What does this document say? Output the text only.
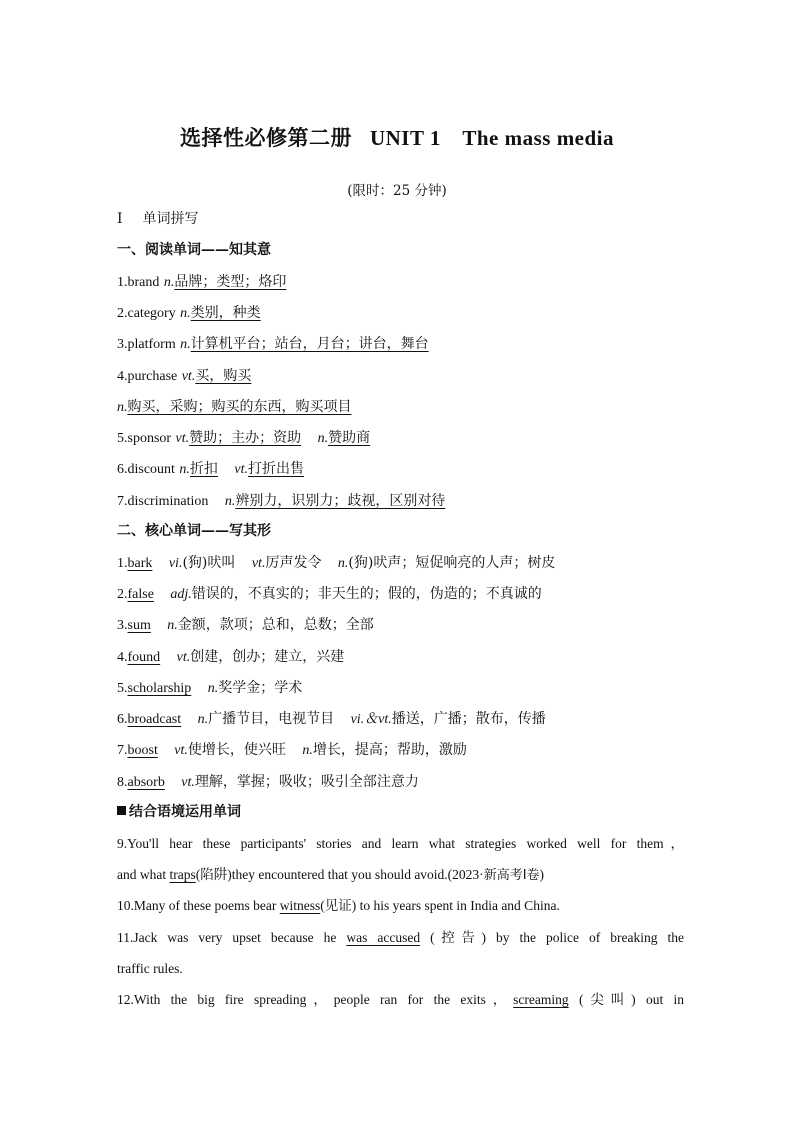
选择性必修第二册 UNIT 1　The mass media
(限时：25 分钟)
Ⅰ 单词拼写
一、阅读单词——知其意
1.brand n.品牌；类型；烙印
2.category n.类别，种类
3.platform n.计算机平台；站台，月台；讲台，舞台
4.purchase vt.买，购买
n.购买，采购；购买的东西，购买项目
5.sponsor vt.赞助；主办；资助 n.赞助商
6.discount n.折扣 vt.打折出售
7.discrimination n.辨别力，识别力；歧视，区别对待
二、核心单词——写其形
1.bark vi.(狗)吠叫 vt.厉声发令 n.(狗)吠声；短促响亮的人声；树皮
2.false adj.错误的，不真实的；非天生的；假的，伪造的；不真诚的
3.sum n.金额，款项；总和，总数；全部
4.found vt.创建，创办；建立，兴建
5.scholarship n.奖学金；学术
6.broadcast n.广播节目，电视节目 vi.＆vt.播送，广播；散布，传播
7.boost vt.使增长，使兴旺 n.增长，提高；帮助，激励
8.absorb vt.理解，掌握；吸收；吸引全部注意力
结合语境运用单词
9.You'll hear these participants' stories and learn what strategies worked well for them，
and what traps(陷阱)they encountered that you should avoid.(2023·新高考Ⅰ卷)
10.Many of these poems bear witness(见证) to his years spent in India and China.
11.Jack was very upset because he was accused (控告) by the police of breaking the
traffic rules.
12.With the big fire spreading，people ran for the exits，screaming (尖叫) out in
